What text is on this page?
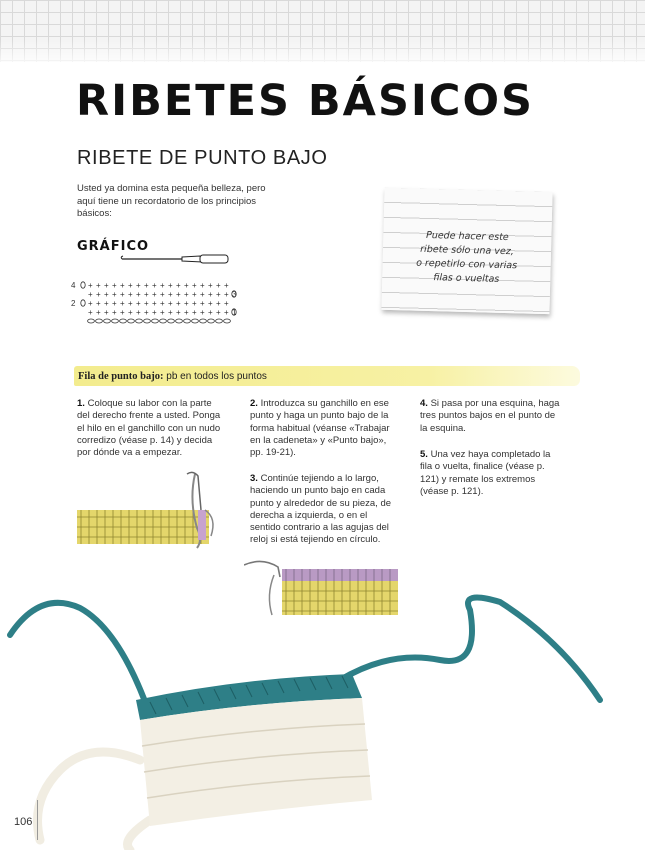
RIBETES BÁSICOS
RIBETE DE PUNTO BAJO

Usted ya domina esta pequeña belleza, pero aquí tiene un recordatorio de los principios básicos:

GRÁFICO
4
2
3
1
+ + + + + + + + + + + + + + + + + +
+ + + + + + + + + + + + + + + + + +
+ + + + + + + + + + + + + + + + + +
+ + + + + + + + + + + + + + + + + +

Puede hacer este
ribete sólo una vez,
o repetirlo con varias
filas o vueltas

Fila de punto bajo: pb en todos los puntos

1. Coloque su labor con la parte del derecho frente a usted. Ponga el hilo en el ganchillo con un nudo corredizo (véase p. 14) y decida por dónde va a empezar.

2. Introduzca su ganchillo en ese punto y haga un punto bajo de la forma habitual (véanse «Trabajar en la cadeneta» y «Punto bajo», pp. 19-21).

3. Continúe tejiendo a lo largo, haciendo un punto bajo en cada punto y alrededor de su pieza, de derecha a izquierda, o en el sentido contrario a las agujas del reloj si está tejiendo en círculo.

4. Si pasa por una esquina, haga tres puntos bajos en el punto de la esquina.

5. Una vez haya completado la fila o vuelta, finalice (véase p. 121) y remate los extremos (véase p. 121).

106
